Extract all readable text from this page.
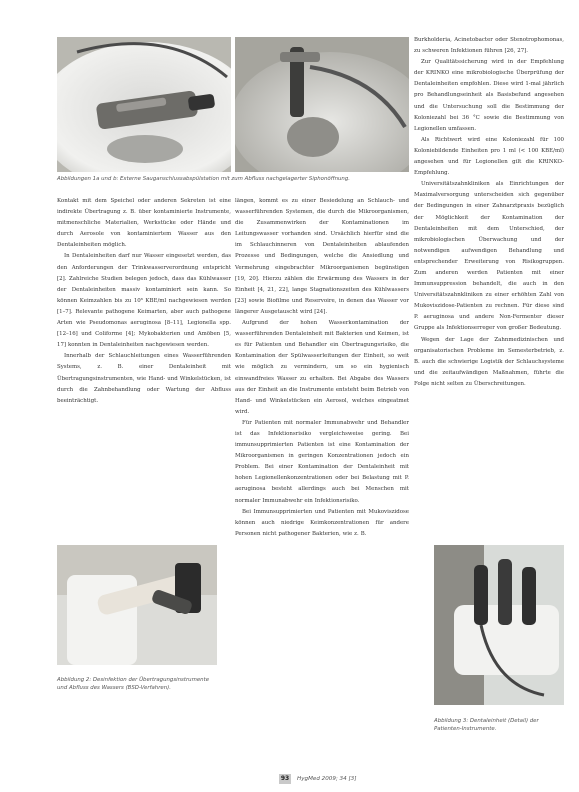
Abbildungen 1a und b: Externe Sauganschlussabspülstation mit zum Abfluss nachgelagerter Siphonöffnung.

Kontakt mit dem Speichel oder anderen Sekreten ist eine indirekte Übertragung z. B. über kontaminierte Instrumente, mitmenschliche Materialien, Werkstücke oder Hände und durch Aerosole von kontaminiertem Wasser aus den Dentaleinheiten möglich.

In Dentaleinheiten darf nur Wasser eingesetzt werden, das den Anforderungen der Trinkwasserverordnung entspricht [2]. Zahlreiche Studien belegen jedoch, dass das Kühlwasser der Dentaleinheiten massiv kontaminiert sein kann. So können Keimzahlen bis zu 10⁶ KBE/ml nachgewiesen werden [1–7]. Relevante pathogene Keimarten, aber auch pathogene Arten wie Pseudomonas aeruginosa [8–11], Legionella spp. [12–16] und Coliforme [4]; Mykobakterien und Amöben [5, 17] konnten in Dentaleinheiten nachgewiesen werden.

Innerhalb der Schlauchleitungen eines Wasserführenden Systems, z. B. einer Dentaleinheit mit Übertragungsinstrumenten, wie Hand- und Winkelstücken, ist durch die Zahnbehandlung oder Wartung der Abfluss beeinträchtigt.

Abbildung 2: Desinfektion der Übertragungsinstrumente und Abfluss des Wassers (BSD-Verfahren).

längen, kommt es zu einer Besiedelung an Schlauch- und wasserführenden Systemen, die durch die Mikroorganismen, die Zusammenwirken der Kontaminationen im Leitungswasser vorhanden sind. Ursächlich hierfür sind die im Schlauchinneren von Dentaleinheiten ablaufenden Prozesse und Bedingungen, welche die Ansiedlung und Vermehrung eingebrachter Mikroorganismen begünstigen [19, 20]. Hierzu zählen die Erwärmung des Wassers in der Einheit [4, 21, 22], lange Stagnationszeiten des Kühlwassers [23] sowie Biofilme und Reservoire, in denen das Wasser vor längerer Ausgetauscht wird [24].

Aufgrund der hohen Wasserkontamination der wasserführenden Dentaleinheit mit Bakterien und Keimen, ist es für Patienten und Behandler ein Übertragungsrisiko, die Kontamination der Spülwasserleitungen der Einheit, so weit wie möglich zu vermindern, um so ein hygienisch einwandfreies Wasser zu erhalten. Bei Abgabe des Wassers aus der Einheit an die Instrumente entsteht beim Betrieb von Hand- und Winkelstücken ein Aerosol, welches eingeatmet wird.

Für Patienten mit normaler Immunabwehr und Behandler ist das Infektionsrisiko vergleichsweise gering. Bei immunsupprimierten Patienten ist eine Kontamination der Mikroorganismen in geringen Konzentrationen jedoch ein Problem. Bei einer Kontamination der Dentaleinheit mit hohen Legionellenkonzentrationen oder bei Belastung mit P. aeruginosa besteht allerdings auch bei Menschen mit normaler Immunabwehr ein Infektionsrisiko.

Bei Immunsupprimierten und Patienten mit Mukoviszidose können auch niedrige Keimkonzentrationen für andere Personen nicht pathogener Bakterien, wie z. B.

Burkholderia, Acinetobacter oder Stenotrophomonas, zu schweren Infektionen führen [26, 27].

Zur Qualitätssicherung wird in der Empfehlung der KRINKO eine mikrobiologische Überprüfung der Dentaleinheiten empfohlen. Diese wird 1-mal jährlich pro Behandlungseinheit als Basisbefund angesehen und die Untersuchung soll die Bestimmung der Koloniezahl bei 36 °C sowie die Bestimmung von Legionellen umfassen.

Als Richtwert wird eine Koloniezahl für 100 Koloniebildende Einheiten pro 1 ml (< 100 KBE/ml) angesehen und für Legionellen gilt die KRINKO-Empfehlung.

Universitätszahnkliniken als Einrichtungen der Maximalversorgung unterscheiden sich gegenüber der Bedingungen in einer Zahnarztpraxis bezüglich der Möglichkeit der Kontamination der Dentaleinheiten mit dem Unterschied, der mikrobiologischen Überwachung und der notwendigen aufwendigen Behandlung und entsprechender Erweiterung von Risikogruppen. Zum anderen werden Patienten mit einer Immunsuppression behandelt, die auch in den Universitätszahnkliniken zu einer erhöhten Zahl von Mukoviszidose-Patienten zu rechnen. Für diese sind P. aeruginosa und andere Non-Fermenter dieser Gruppe als Infektionserreger von großer Bedeutung.

Wegen der Lage der Zahnmedizinischen und organisatorischen Probleme im Semesterbetrieb, z. B. auch die schwierige Logistik der Schlauchsysteme und die zeitaufwändigen Maßnahmen, führte die Folge nicht selten zu Überschreitungen.

Abbildung 3: Dentaleinheit (Detail) der Patienten-Instrumente.

93	HygMed 2009; 34 [3]
